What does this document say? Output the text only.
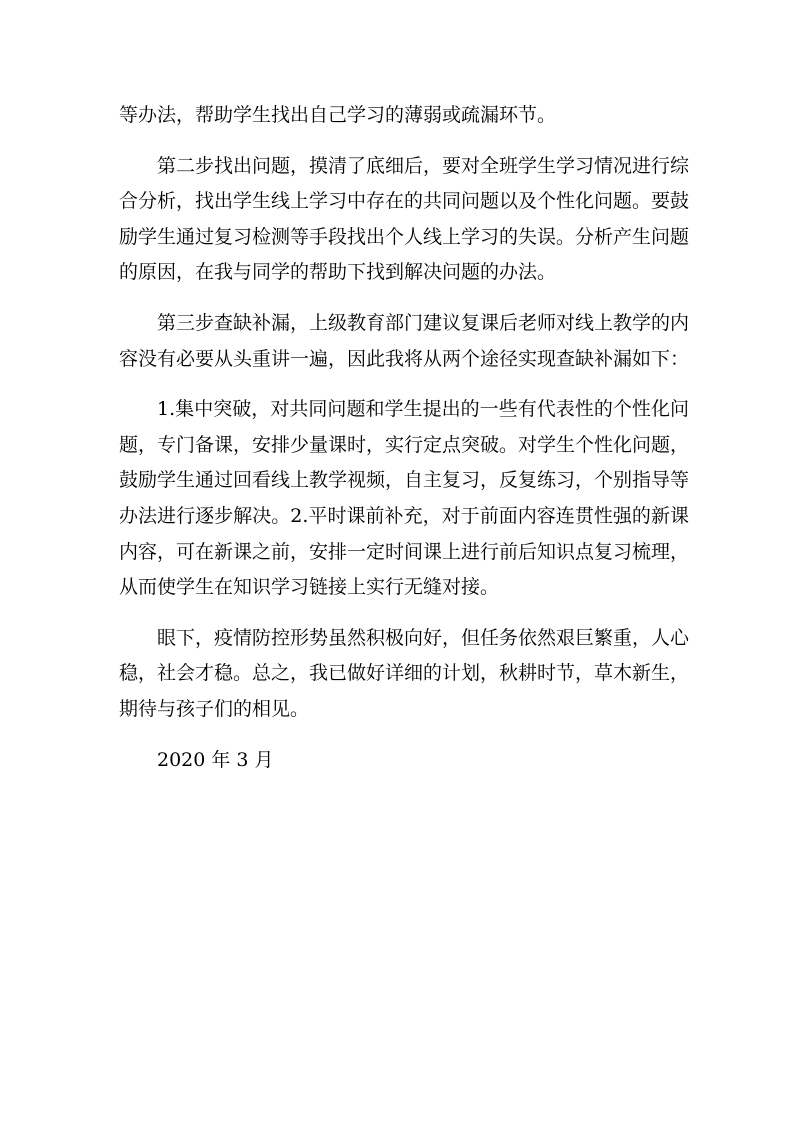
等办法，帮助学生找出自己学习的薄弱或疏漏环节。

第二步找出问题，摸清了底细后，要对全班学生学习情况进行综合分析，找出学生线上学习中存在的共同问题以及个性化问题。要鼓励学生通过复习检测等手段找出个人线上学习的失误。分析产生问题的原因，在我与同学的帮助下找到解决问题的办法。

第三步查缺补漏，上级教育部门建议复课后老师对线上教学的内容没有必要从头重讲一遍，因此我将从两个途径实现查缺补漏如下：

1.集中突破，对共同问题和学生提出的一些有代表性的个性化问题，专门备课，安排少量课时，实行定点突破。对学生个性化问题，鼓励学生通过回看线上教学视频，自主复习，反复练习，个别指导等办法进行逐步解决。2.平时课前补充，对于前面内容连贯性强的新课内容，可在新课之前，安排一定时间课上进行前后知识点复习梳理，从而使学生在知识学习链接上实行无缝对接。

眼下，疫情防控形势虽然积极向好，但任务依然艰巨繁重，人心稳，社会才稳。总之，我已做好详细的计划，秋耕时节，草木新生，期待与孩子们的相见。

2020 年 3 月
